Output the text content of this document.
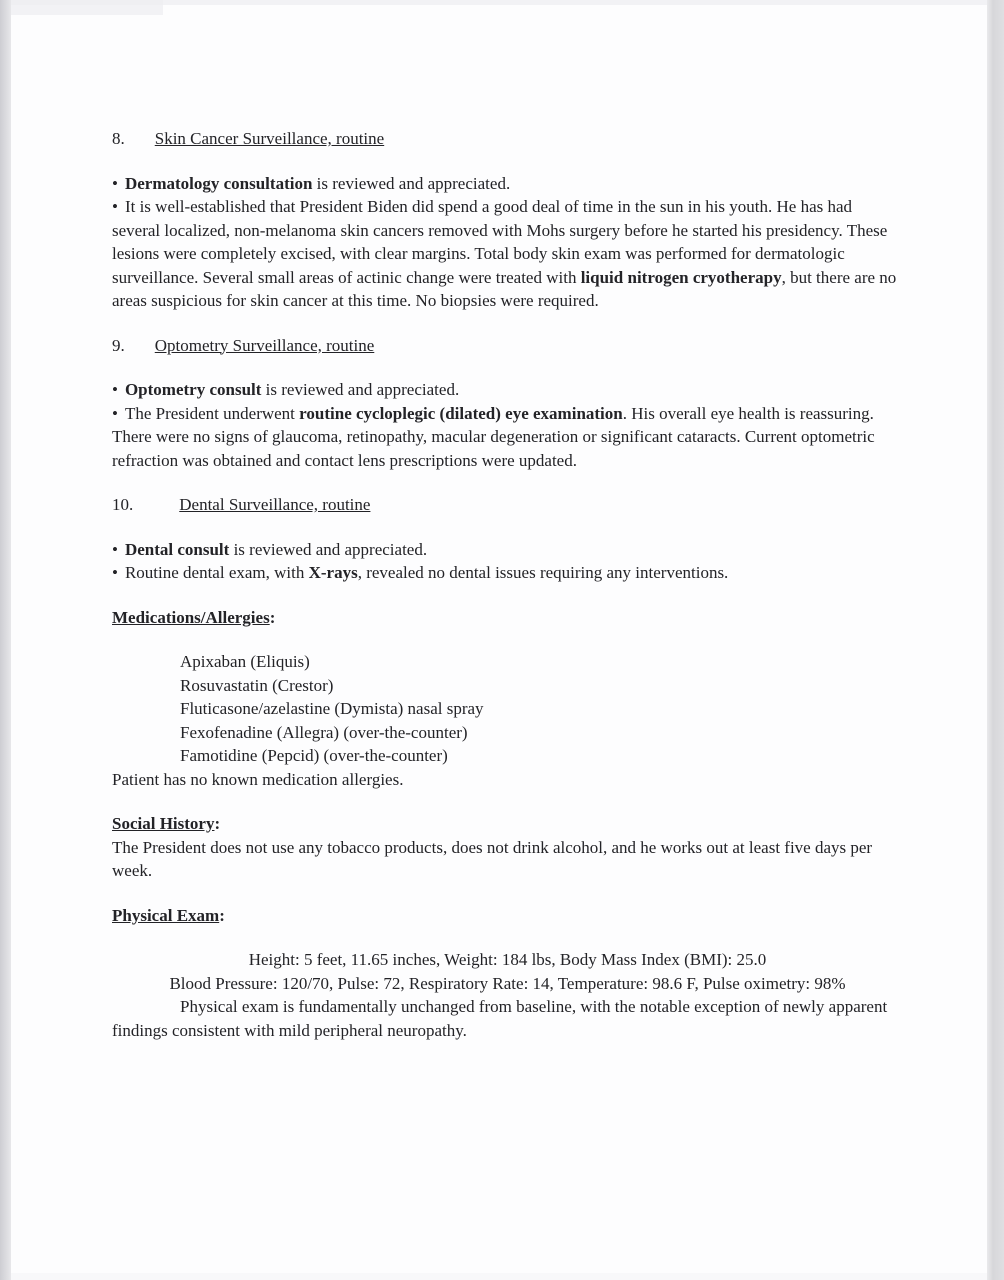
8. Skin Cancer Surveillance, routine

• Dermatology consultation is reviewed and appreciated.

• It is well-established that President Biden did spend a good deal of time in the sun in his youth. He has had several localized, non-melanoma skin cancers removed with Mohs surgery before he started his presidency. These lesions were completely excised, with clear margins. Total body skin exam was performed for dermatologic surveillance. Several small areas of actinic change were treated with liquid nitrogen cryotherapy, but there are no areas suspicious for skin cancer at this time. No biopsies were required.

9. Optometry Surveillance, routine

• Optometry consult is reviewed and appreciated.

• The President underwent routine cycloplegic (dilated) eye examination. His overall eye health is reassuring. There were no signs of glaucoma, retinopathy, macular degeneration or significant cataracts. Current optometric refraction was obtained and contact lens prescriptions were updated.

10.	Dental Surveillance, routine

• Dental consult is reviewed and appreciated.

• Routine dental exam, with X-rays, revealed no dental issues requiring any interventions.

Medications/Allergies:

Apixaban (Eliquis)

Rosuvastatin (Crestor)

Fluticasone/azelastine (Dymista) nasal spray

Fexofenadine (Allegra) (over-the-counter)

Famotidine (Pepcid) (over-the-counter)

Patient has no known medication allergies.

Social History:

The President does not use any tobacco products, does not drink alcohol, and he works out at least five days per week.

Physical Exam:

Height: 5 feet, 11.65 inches, Weight: 184 lbs, Body Mass Index (BMI): 25.0

Blood Pressure: 120/70, Pulse: 72, Respiratory Rate: 14, Temperature: 98.6 F, Pulse oximetry: 98%

Physical exam is fundamentally unchanged from baseline, with the notable exception of newly apparent findings consistent with mild peripheral neuropathy.
